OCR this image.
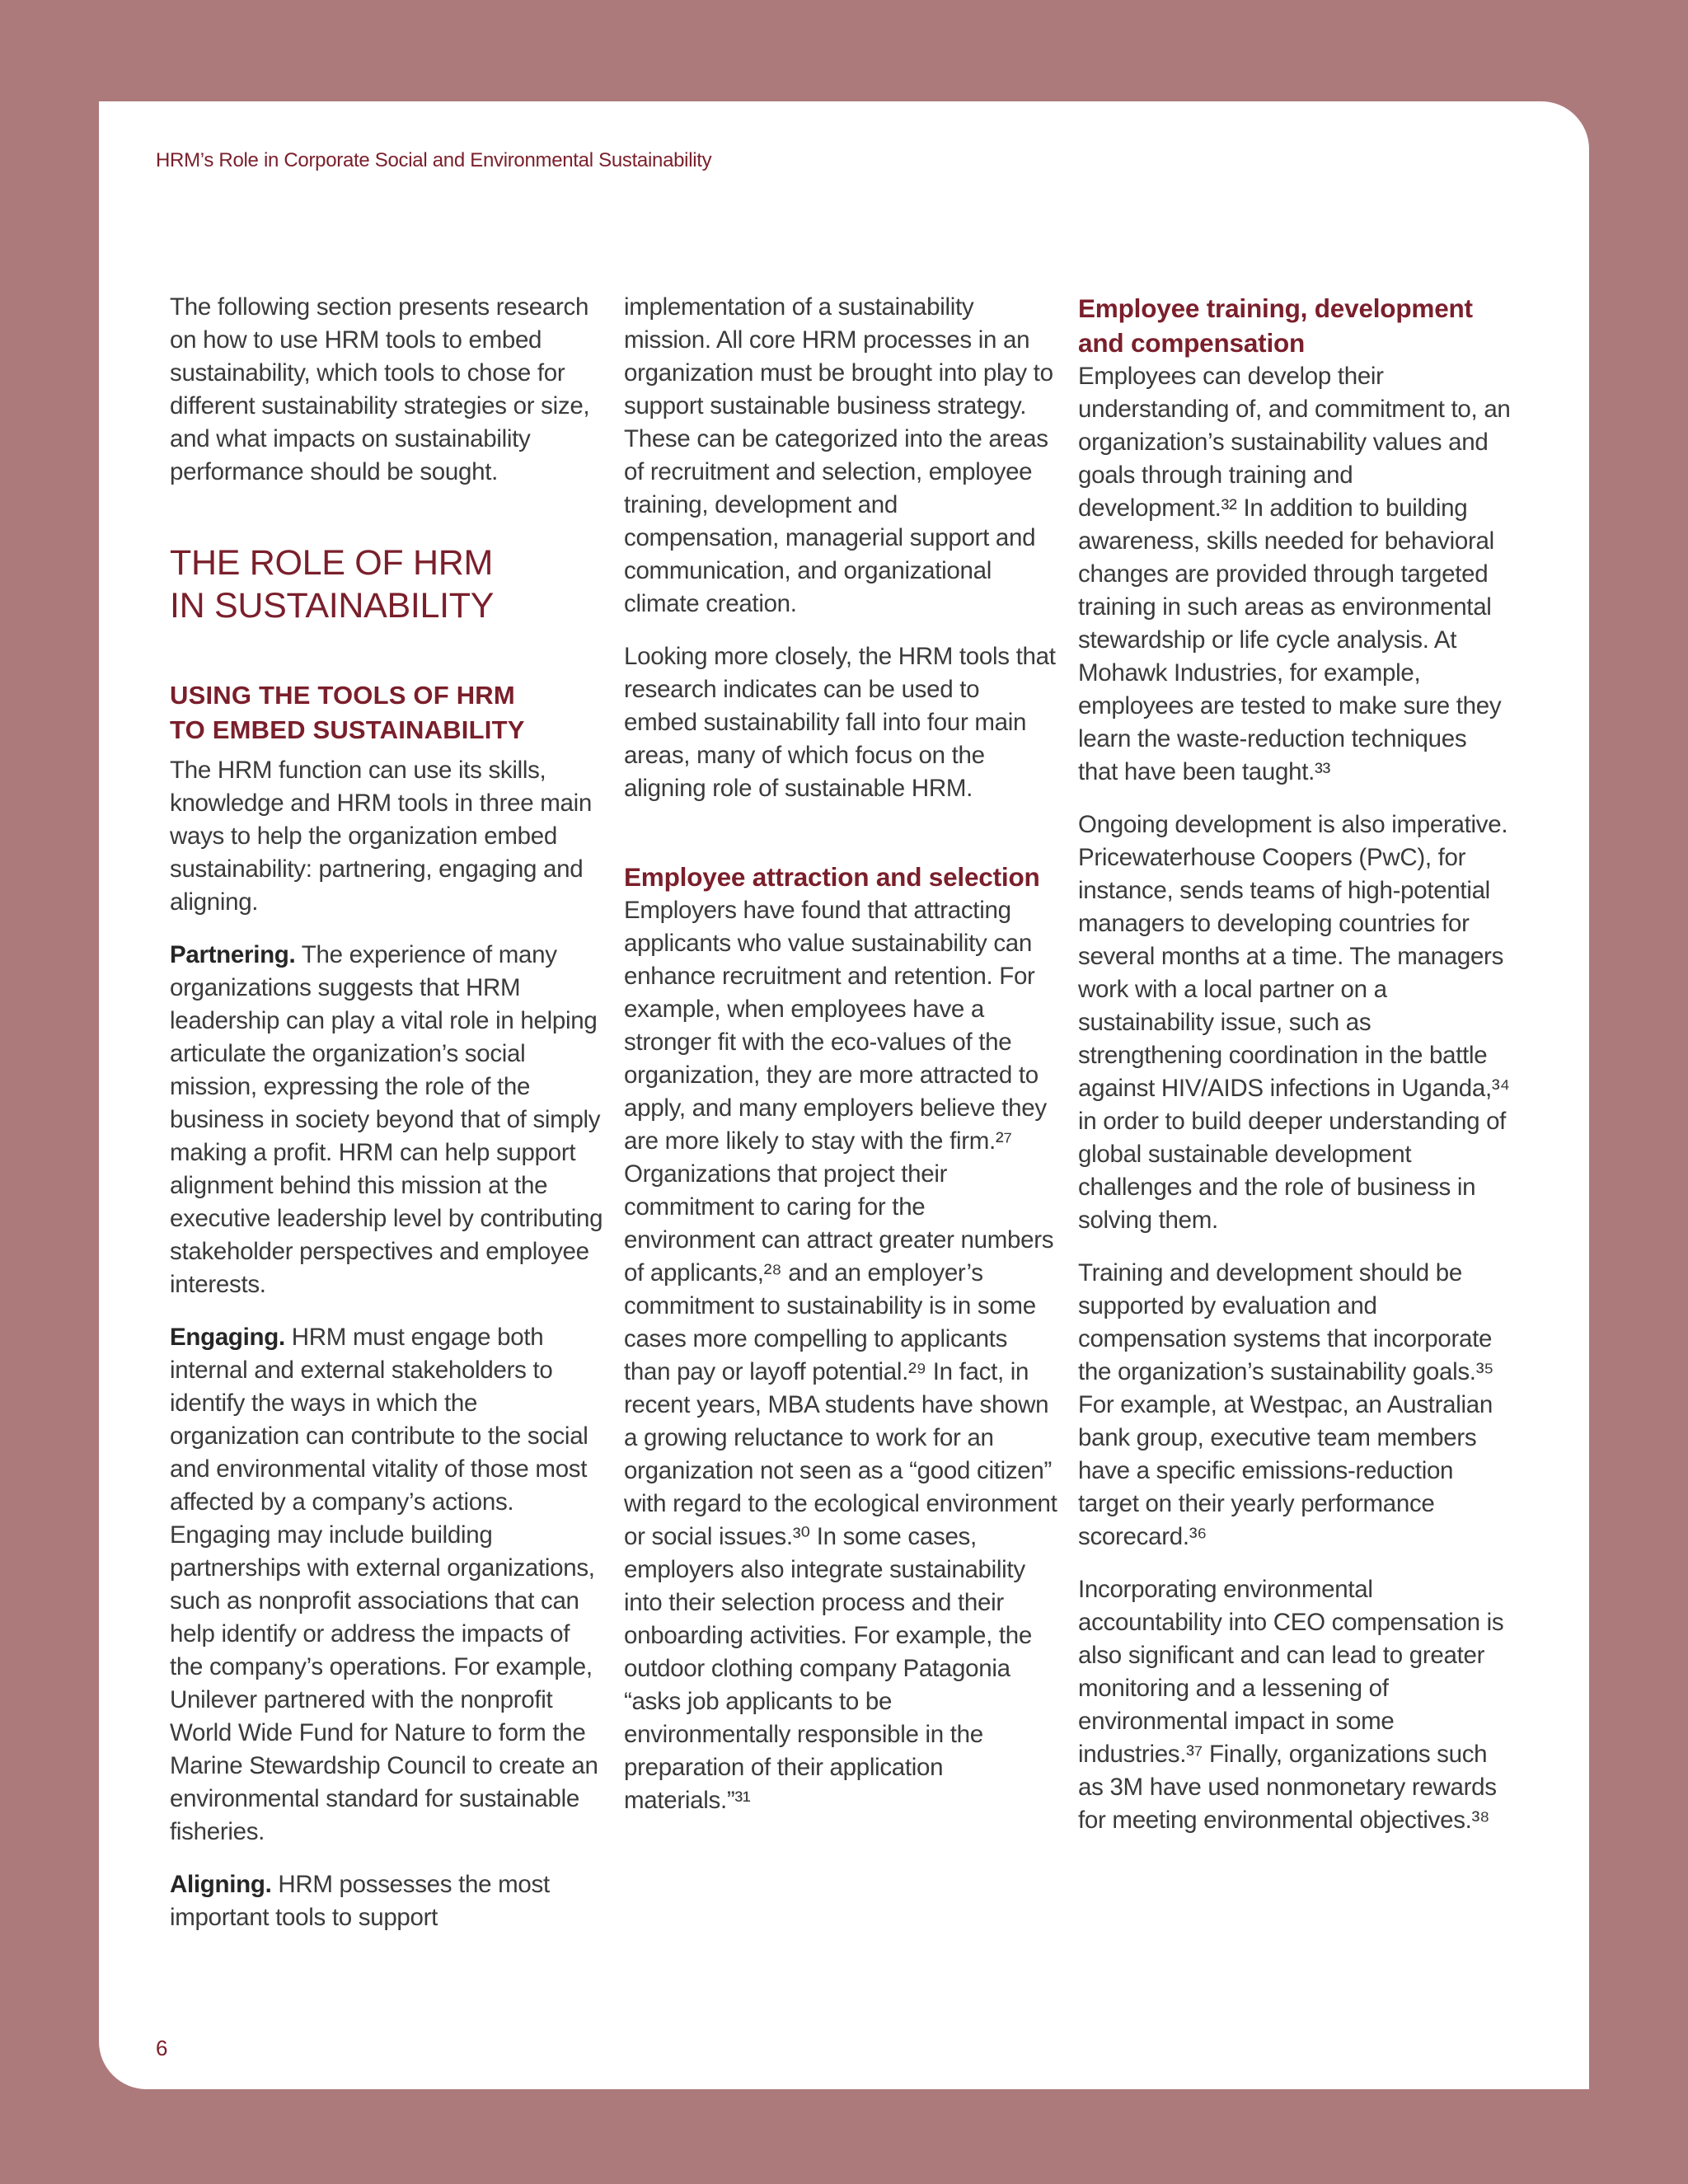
HRM’s Role in Corporate Social and Environmental Sustainability

The following section presents research on how to use HRM tools to embed sustainability, which tools to chose for different sustainability strategies or size, and what impacts on sustainability performance should be sought.

THE ROLE OF HRM
IN SUSTAINABILITY
USING THE TOOLS OF HRM
TO EMBED SUSTAINABILITY

The HRM function can use its skills, knowledge and HRM tools in three main ways to help the organization embed sustainability: partnering, engaging and aligning.

Partnering. The experience of many organizations suggests that HRM leadership can play a vital role in helping articulate the organization’s social mission, expressing the role of the business in society beyond that of simply making a profit. HRM can help support alignment behind this mission at the executive leadership level by contributing stakeholder perspectives and employee interests.

Engaging. HRM must engage both internal and external stakeholders to identify the ways in which the organization can contribute to the social and environmental vitality of those most affected by a company’s actions. Engaging may include building partnerships with external organizations, such as nonprofit associations that can help identify or address the impacts of the company’s operations. For example, Unilever partnered with the nonprofit World Wide Fund for Nature to form the Marine Stewardship Council to create an environmental standard for sustainable fisheries.

Aligning. HRM possesses the most important tools to support

implementation of a sustainability mission. All core HRM processes in an organization must be brought into play to support sustainable business strategy. These can be categorized into the areas of recruitment and selection, employee training, development and compensation, managerial support and communication, and organizational climate creation.

Looking more closely, the HRM tools that research indicates can be used to embed sustainability fall into four main areas, many of which focus on the aligning role of sustainable HRM.

Employee attraction and selection

Employers have found that attracting applicants who value sustainability can enhance recruitment and retention. For example, when employees have a stronger fit with the eco-values of the organization, they are more attracted to apply, and many employers believe they are more likely to stay with the firm.²⁷ Organizations that project their commitment to caring for the environment can attract greater numbers of applicants,²⁸ and an employer’s commitment to sustainability is in some cases more compelling to applicants than pay or layoff potential.²⁹ In fact, in recent years, MBA students have shown a growing reluctance to work for an organization not seen as a “good citizen” with regard to the ecological environment or social issues.³⁰ In some cases, employers also integrate sustainability into their selection process and their onboarding activities. For example, the outdoor clothing company Patagonia “asks job applicants to be environmentally responsible in the preparation of their application materials.”³¹

Employee training, development and compensation

Employees can develop their understanding of, and commitment to, an organization’s sustainability values and goals through training and development.³² In addition to building awareness, skills needed for behavioral changes are provided through targeted training in such areas as environmental stewardship or life cycle analysis. At Mohawk Industries, for example, employees are tested to make sure they learn the waste-reduction techniques that have been taught.³³

Ongoing development is also imperative. Pricewaterhouse Coopers (PwC), for instance, sends teams of high-potential managers to developing countries for several months at a time. The managers work with a local partner on a sustainability issue, such as strengthening coordination in the battle against HIV/AIDS infections in Uganda,³⁴ in order to build deeper understanding of global sustainable development challenges and the role of business in solving them.

Training and development should be supported by evaluation and compensation systems that incorporate the organization’s sustainability goals.³⁵ For example, at Westpac, an Australian bank group, executive team members have a specific emissions-reduction target on their yearly performance scorecard.³⁶

Incorporating environmental accountability into CEO compensation is also significant and can lead to greater monitoring and a lessening of environmental impact in some industries.³⁷ Finally, organizations such as 3M have used nonmonetary rewards for meeting environmental objectives.³⁸

6
